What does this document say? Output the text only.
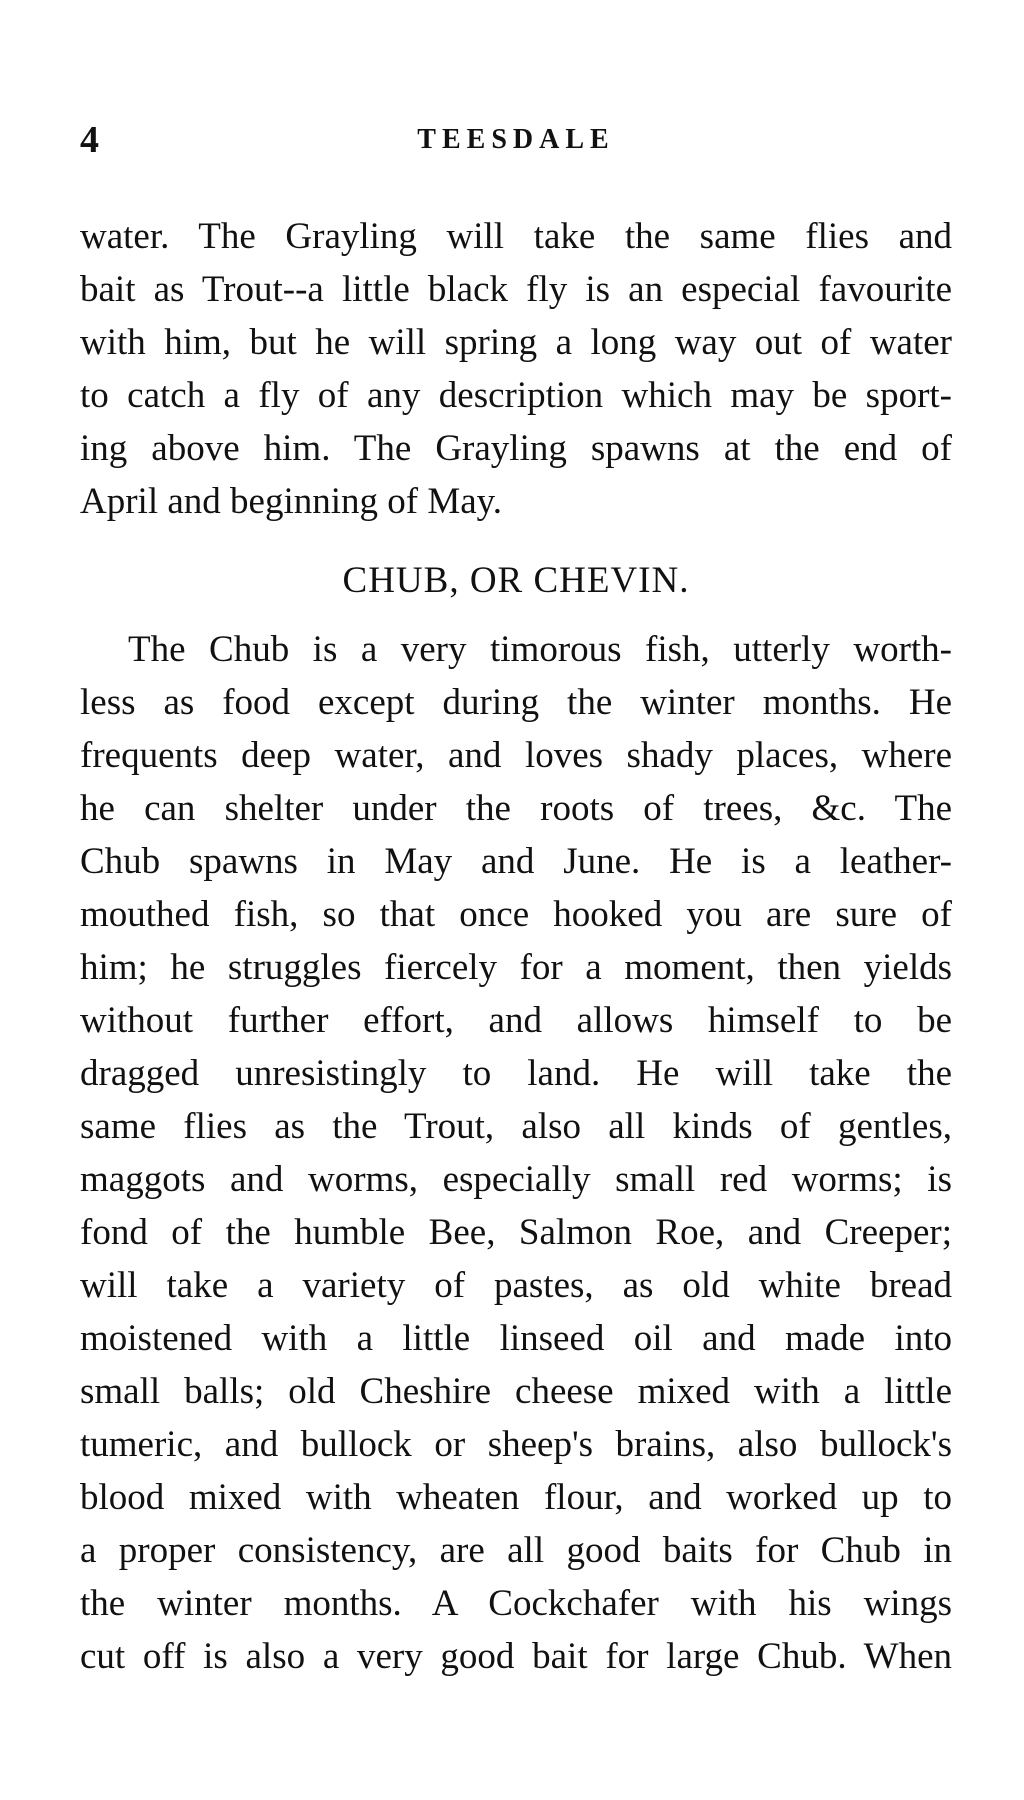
4	TEESDALE
water. The Grayling will take the same flies and
bait as Trout--a little black fly is an especial favourite
with him, but he will spring a long way out of water
to catch a fly of any description which may be sport-
ing above him. The Grayling spawns at the end of
April and beginning of May.
CHUB, OR CHEVIN.
The Chub is a very timorous fish, utterly worth-
less as food except during the winter months. He
frequents deep water, and loves shady places, where
he can shelter under the roots of trees, &c. The
Chub spawns in May and June. He is a leather-
mouthed fish, so that once hooked you are sure of
him; he struggles fiercely for a moment, then yields
without further effort, and allows himself to be
dragged unresistingly to land. He will take the
same flies as the Trout, also all kinds of gentles,
maggots and worms, especially small red worms; is
fond of the humble Bee, Salmon Roe, and Creeper;
will take a variety of pastes, as old white bread
moistened with a little linseed oil and made into
small balls; old Cheshire cheese mixed with a little
tumeric, and bullock or sheep's brains, also bullock's
blood mixed with wheaten flour, and worked up to
a proper consistency, are all good baits for Chub in
the winter months. A Cockchafer with his wings
cut off is also a very good bait for large Chub. When
